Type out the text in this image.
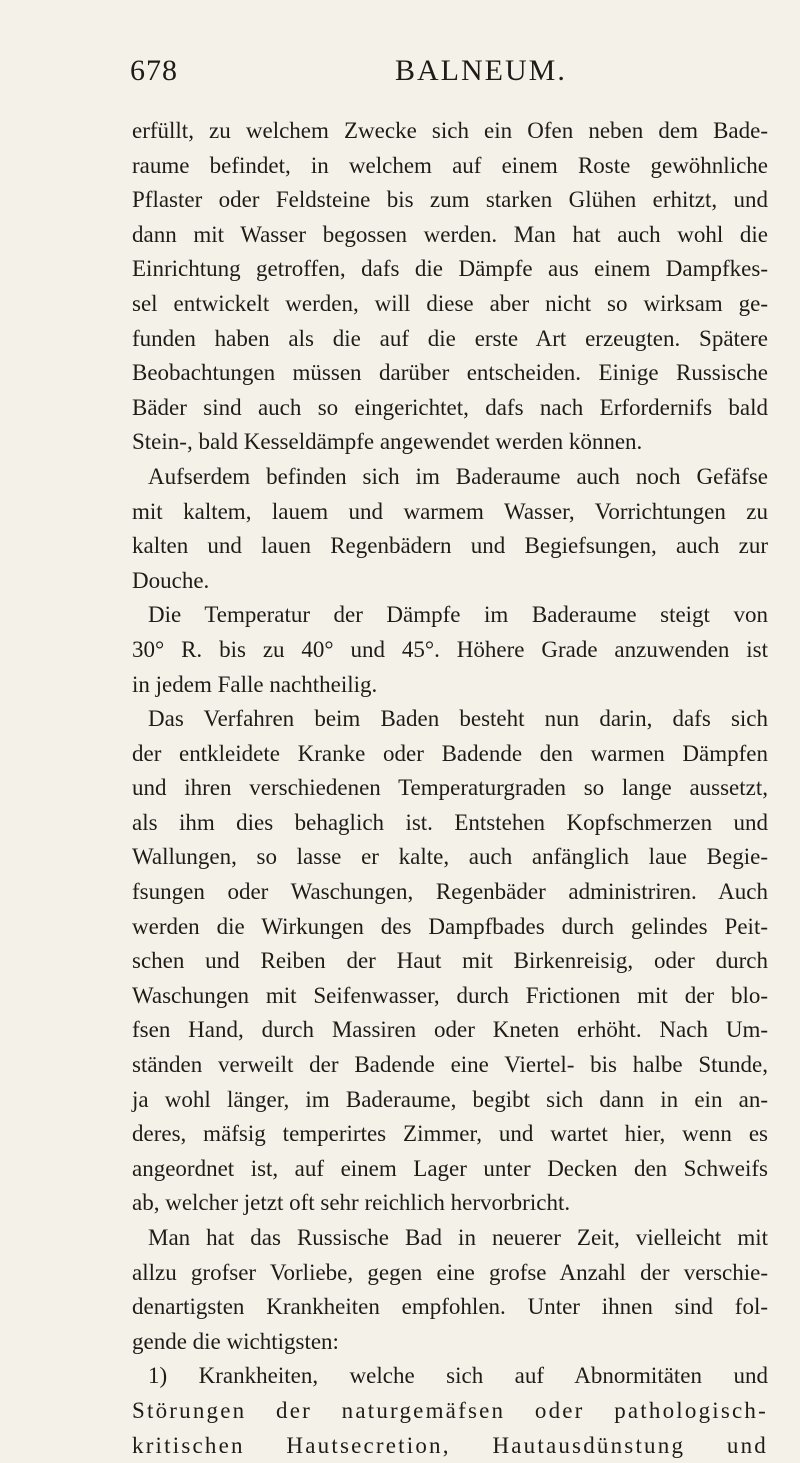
678	BALNEUM.
erfüllt, zu welchem Zwecke sich ein Ofen neben dem Bade-
raume befindet, in welchem auf einem Roste gewöhnliche
Pflaster oder Feldsteine bis zum starken Glühen erhitzt, und
dann mit Wasser begossen werden. Man hat auch wohl die
Einrichtung getroffen, dafs die Dämpfe aus einem Dampfkes-
sel entwickelt werden, will diese aber nicht so wirksam ge-
funden haben als die auf die erste Art erzeugten. Spätere
Beobachtungen müssen darüber entscheiden. Einige Russische
Bäder sind auch so eingerichtet, dafs nach Erfordernifs bald
Stein-, bald Kesseldämpfe angewendet werden können.
Aufserdem befinden sich im Baderaume auch noch Gefäfse
mit kaltem, lauem und warmem Wasser, Vorrichtungen zu
kalten und lauen Regenbädern und Begiefsungen, auch zur
Douche.
Die Temperatur der Dämpfe im Baderaume steigt von
30° R. bis zu 40° und 45°. Höhere Grade anzuwenden ist
in jedem Falle nachtheilig.
Das Verfahren beim Baden besteht nun darin, dafs sich
der entkleidete Kranke oder Badende den warmen Dämpfen
und ihren verschiedenen Temperaturgraden so lange aussetzt,
als ihm dies behaglich ist. Entstehen Kopfschmerzen und
Wallungen, so lasse er kalte, auch anfänglich laue Begie-
fsungen oder Waschungen, Regenbäder administriren. Auch
werden die Wirkungen des Dampfbades durch gelindes Peit-
schen und Reiben der Haut mit Birkenreisig, oder durch
Waschungen mit Seifenwasser, durch Frictionen mit der blo-
fsen Hand, durch Massiren oder Kneten erhöht. Nach Um-
ständen verweilt der Badende eine Viertel- bis halbe Stunde,
ja wohl länger, im Baderaume, begibt sich dann in ein an-
deres, mäfsig temperirtes Zimmer, und wartet hier, wenn es
angeordnet ist, auf einem Lager unter Decken den Schweifs
ab, welcher jetzt oft sehr reichlich hervorbricht.
Man hat das Russische Bad in neuerer Zeit, vielleicht mit
allzu grofser Vorliebe, gegen eine grofse Anzahl der verschie-
denartigsten Krankheiten empfohlen. Unter ihnen sind fol-
gende die wichtigsten:
1) Krankheiten, welche sich auf Abnormitäten und
Störungen der naturgemäfsen oder pathologisch-
kritischen Hautsecretion, Hautausdünstung und
